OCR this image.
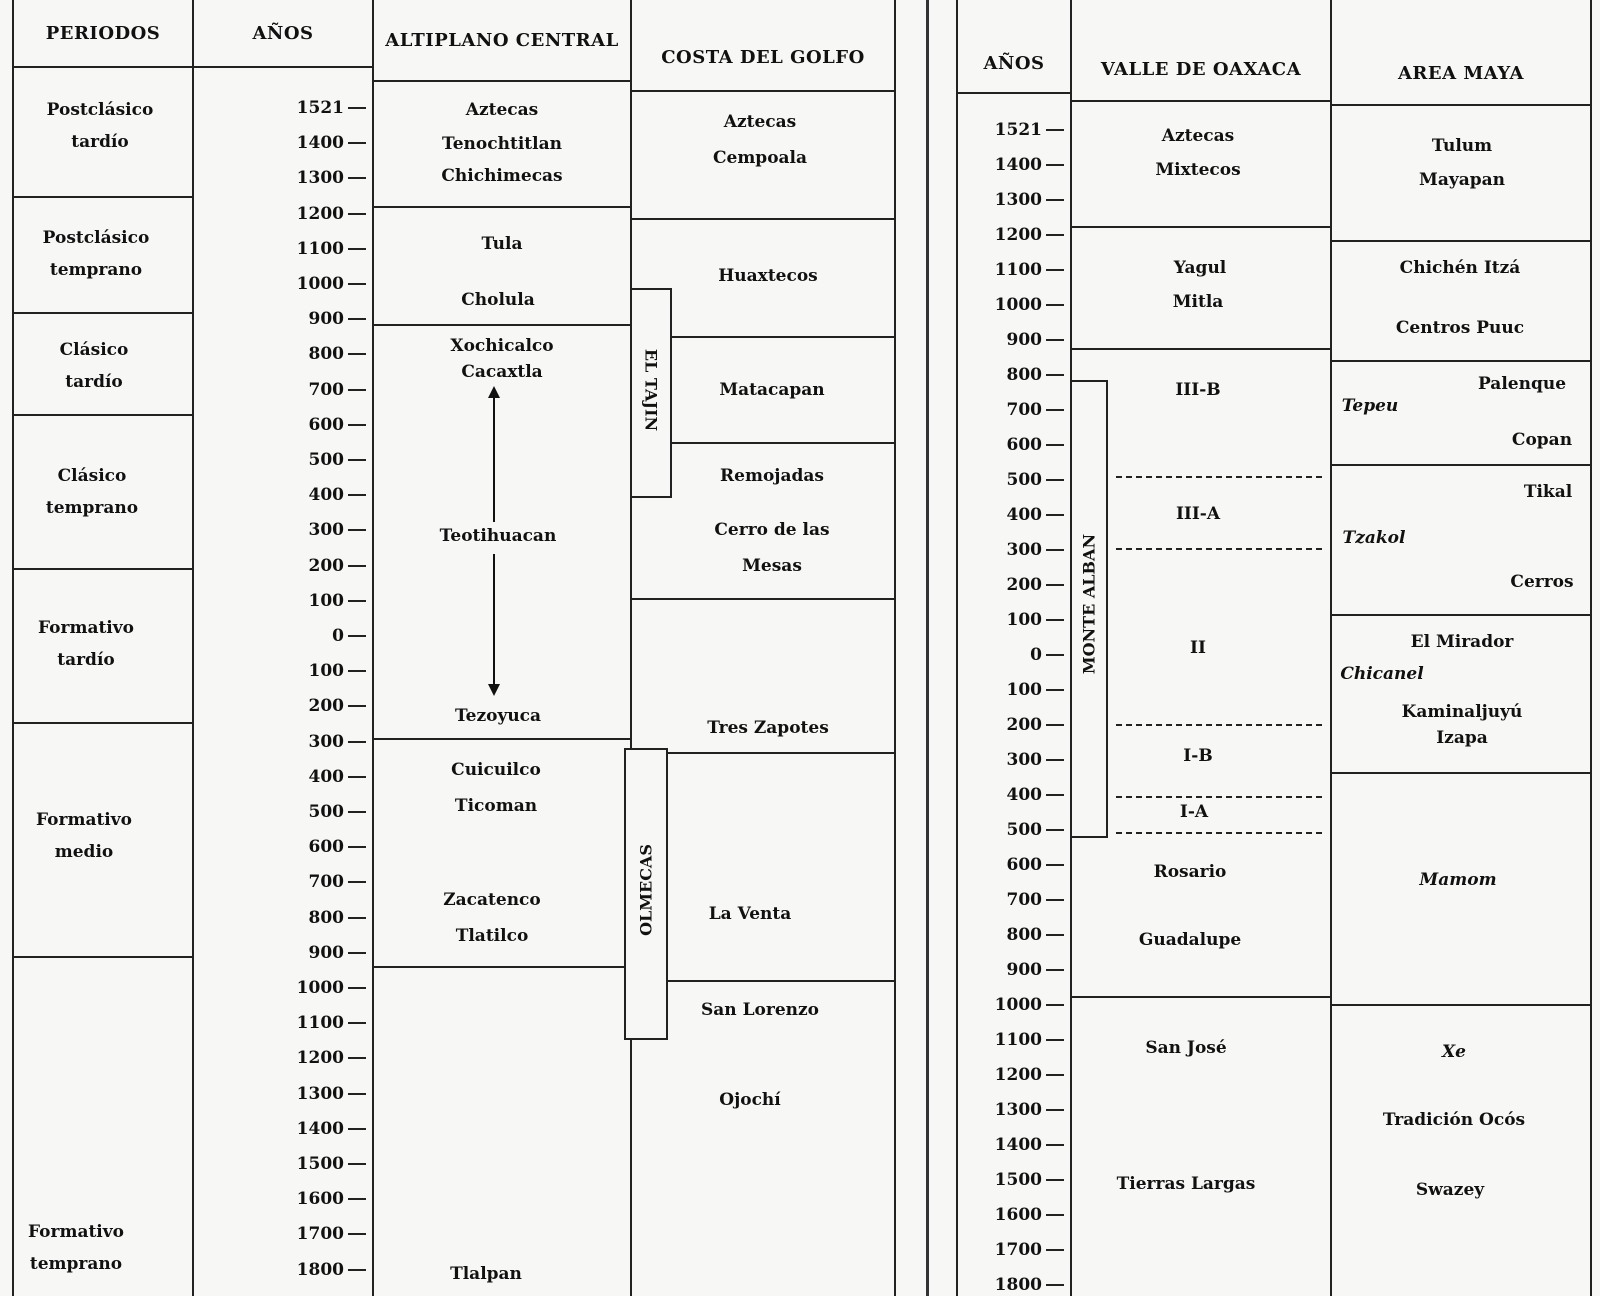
PERIODOS
Postclásico
tardío
Postclásico
temprano
Clásico
tardío
Clásico
temprano
Formativo
tardío
Formativo
medio
Formativo
temprano
AÑOS
1521
1400
1300
1200
1100
1000
900
800
700
600
500
400
300
200
100
0
100
200
300
400
500
600
700
800
900
1000
1100
1200
1300
1400
1500
1600
1700
1800
ALTIPLANO CENTRAL
Aztecas
Tenochtitlan
Chichimecas
Tula
Cholula
Xochicalco
Cacaxtla
Teotihuacan
Tezoyuca
Cuicuilco
Ticoman
Zacatenco
Tlatilco
Tlalpan
COSTA DEL GOLFO
Aztecas
Cempoala
Huaxtecos
Matacapan
Remojadas
Cerro de las
Mesas
Tres Zapotes
La Venta
San Lorenzo
Ojochí
EL TAJIN
OLMECAS
AÑOS
1521
1400
1300
1200
1100
1000
900
800
700
600
500
400
300
200
100
0
100
200
300
400
500
600
700
800
900
1000
1100
1200
1300
1400
1500
1600
1700
1800
VALLE DE OAXACA
Aztecas
Mixtecos
Yagul
Mitla
III-B
III-A
II
I-B
I-A
Rosario
Guadalupe
San José
Tierras Largas
MONTE ALBAN
AREA MAYA
Tulum
Mayapan
Chichén Itzá
Centros Puuc
Palenque
Tepeu
Copan
Tikal
Tzakol
Cerros
El Mirador
Chicanel
Kaminaljuyú
Izapa
Mamom
Xe
Tradición Ocós
Swazey
